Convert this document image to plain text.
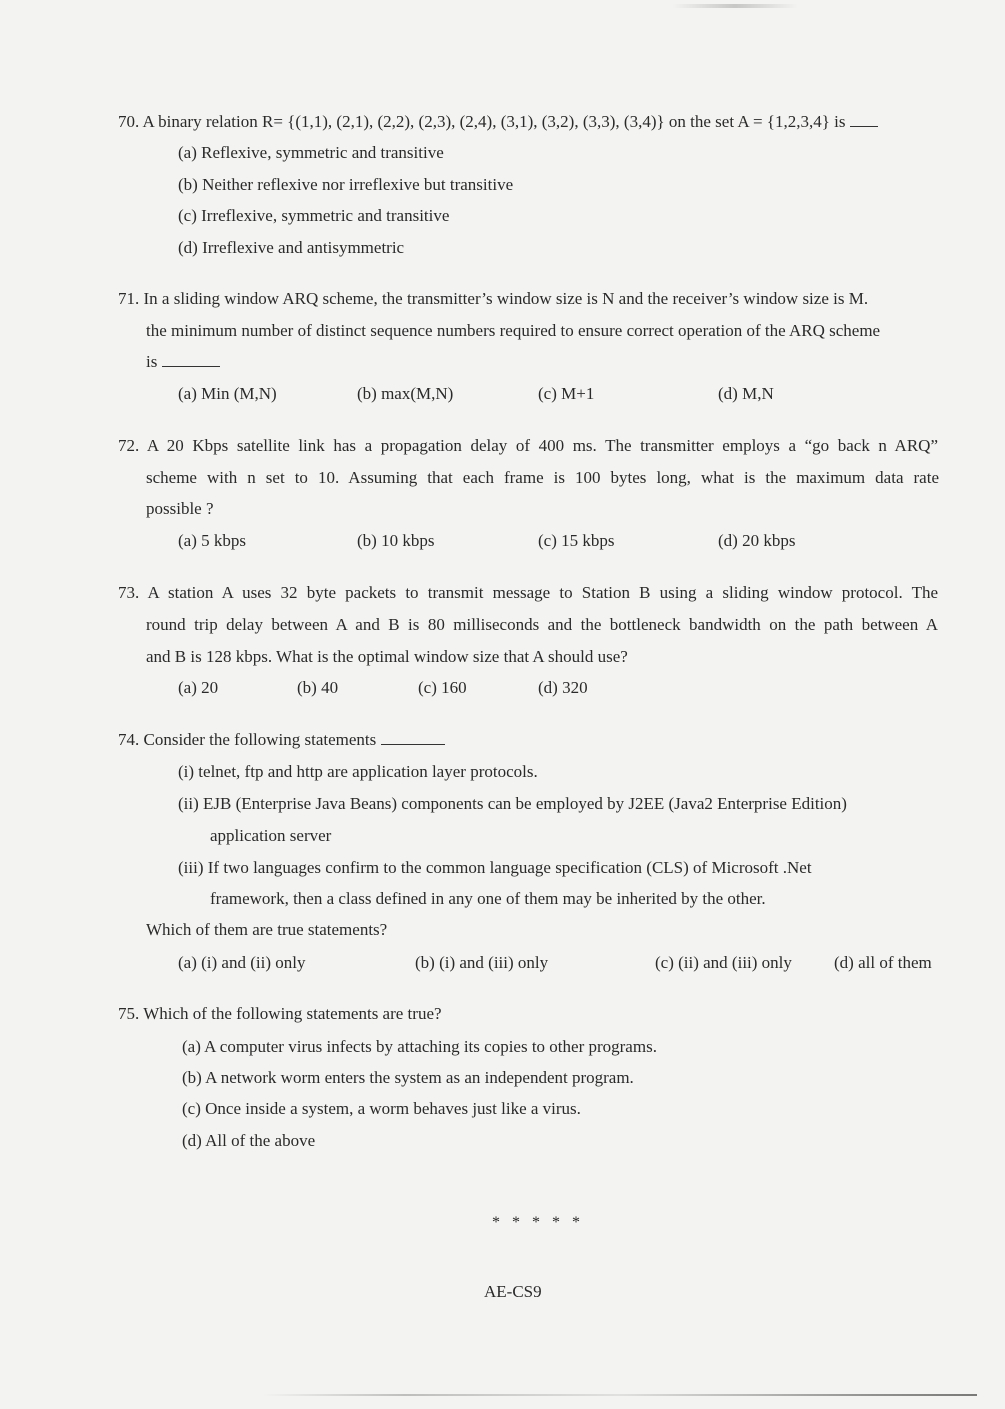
70. A binary relation R= {(1,1), (2,1), (2,2), (2,3), (2,4), (3,1), (3,2), (3,3), (3,4)} on the set A = {1,2,3,4} is
(a) Reflexive, symmetric and transitive
(b) Neither reflexive nor irreflexive but transitive
(c) Irreflexive, symmetric and transitive
(d) Irreflexive and antisymmetric
71. In a sliding window ARQ scheme, the transmitter’s window size is N and the receiver’s window size is M.
the minimum number of distinct sequence numbers required to ensure correct operation of the ARQ scheme
is
(a) Min (M,N)	(b) max(M,N)	(c) M+1	(d) M,N
72. A 20 Kbps satellite link has a propagation delay of 400 ms. The transmitter employs a “go back n ARQ”
scheme with n set to 10. Assuming that each frame is 100 bytes long, what is the maximum data rate
possible ?
(a) 5 kbps	(b) 10 kbps	(c) 15 kbps	(d) 20 kbps
73. A station A uses 32 byte packets to transmit message to Station B using a sliding window protocol. The
round trip delay between A and B is 80 milliseconds and the bottleneck bandwidth on the path between A
and B is 128 kbps. What is the optimal window size that A should use?
(a) 20	(b) 40	(c) 160	(d) 320
74. Consider the following statements
(i) telnet, ftp and http are application layer protocols.
(ii) EJB (Enterprise Java Beans) components can be employed by J2EE (Java2 Enterprise Edition)
application server
(iii) If two languages confirm to the common language specification (CLS) of Microsoft .Net
framework, then a class defined in any one of them may be inherited by the other.
Which of them are true statements?
(a) (i) and (ii) only	(b) (i) and (iii) only	(c) (ii) and (iii) only (d) all of them
75. Which of the following statements are true?
(a) A computer virus infects by attaching its copies to other programs.
(b) A network worm enters the system as an independent program.
(c) Once inside a system, a worm behaves just like a virus.
(d) All of the above
* * * * *
AE-CS9
